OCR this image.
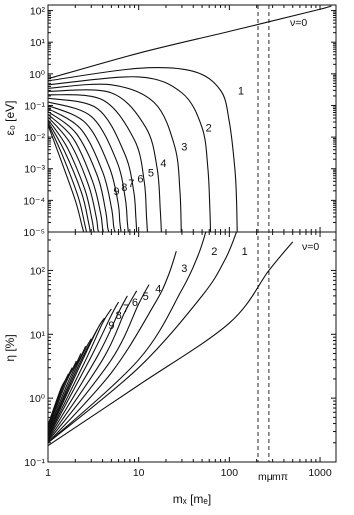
10⁻⁵
10⁻⁴
10⁻³
10⁻²
10⁻¹
10⁰
10¹
10²
10⁻¹
10⁰
10¹
10²
1	10	100	1000
1
2
3
4
5
6
7
8
9
1
2
3
4
5
6
7
8
9
ε₀ [eV]
η [%]
mₓ [mₑ]
ν=0
ν=0
mμ mπ
